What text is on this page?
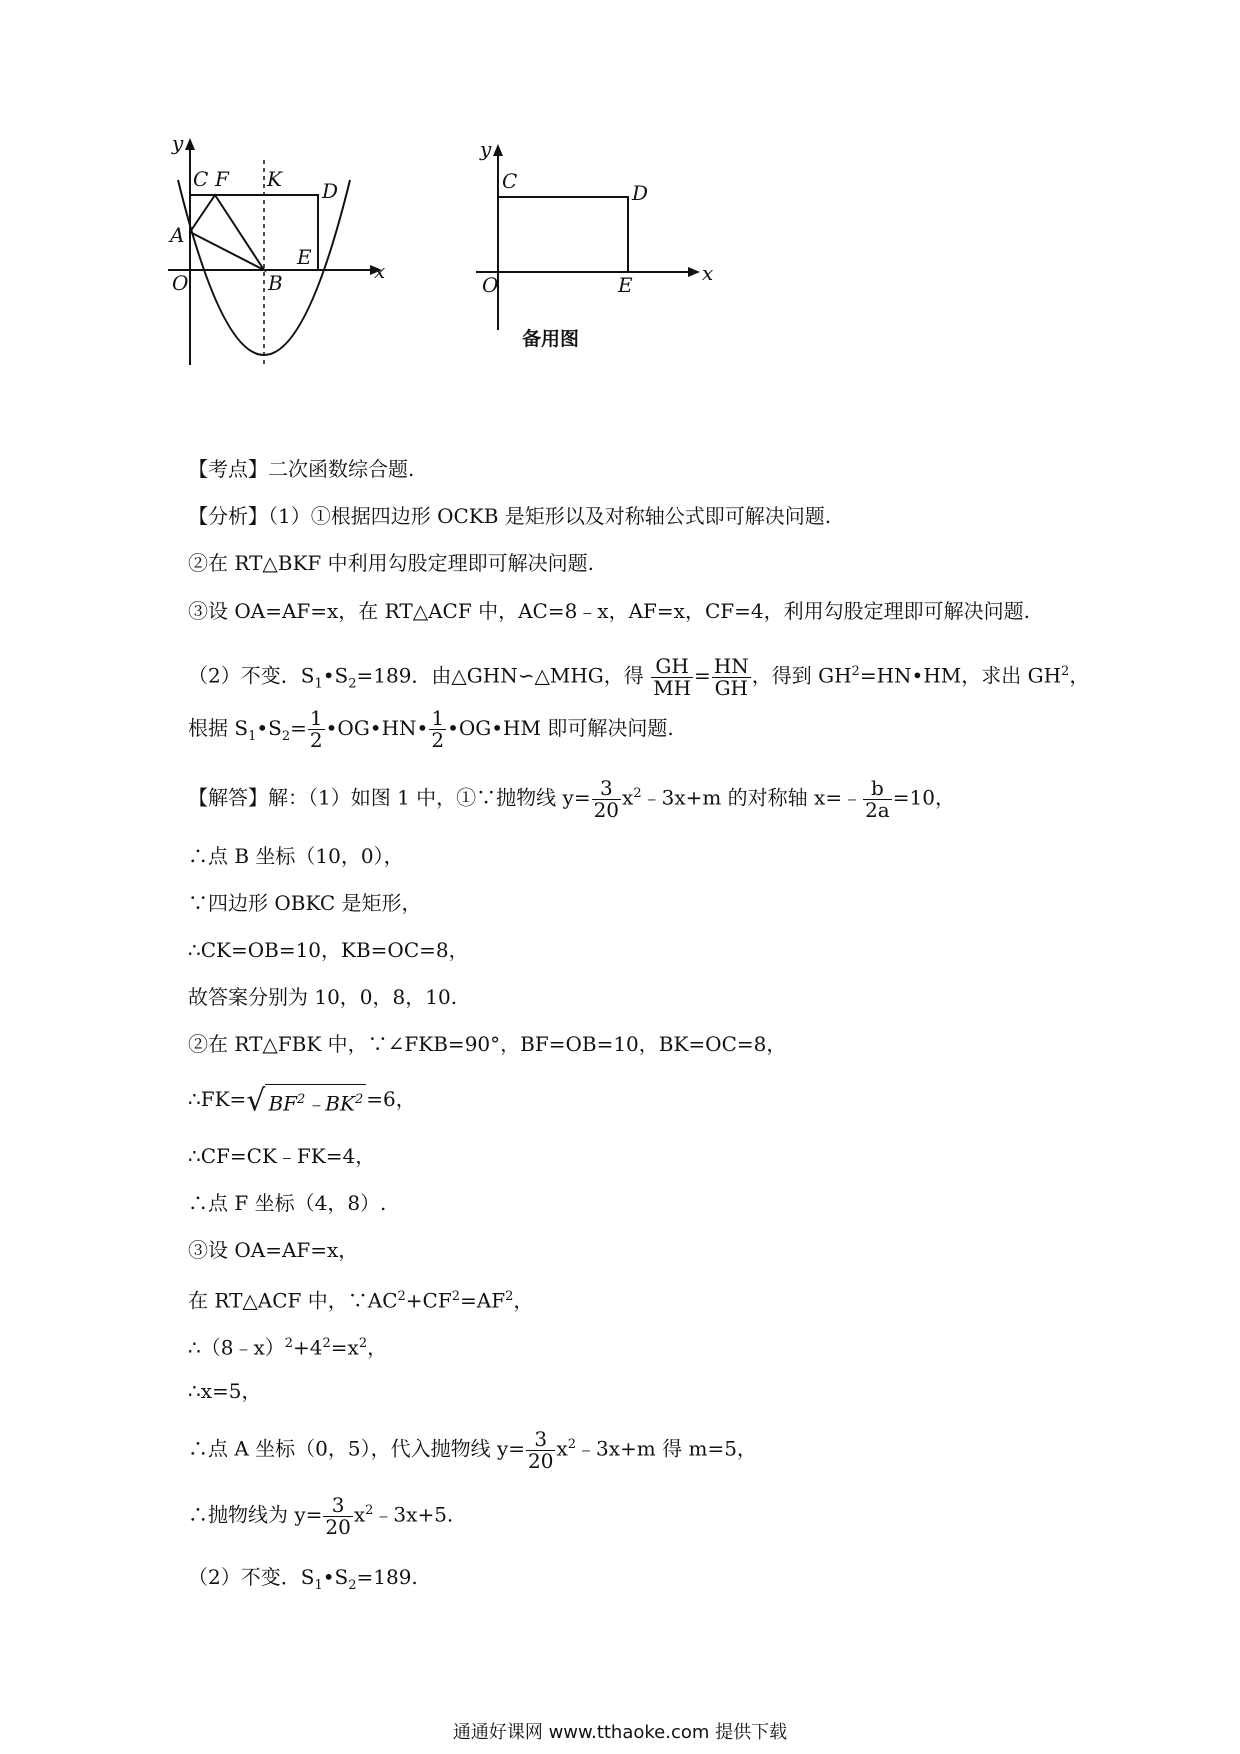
y
x
C F K D
A
E
O	B
y
x
C	D
O	E
备用图
【考点】二次函数综合题.
【分析】（1）①根据四边形 OCKB 是矩形以及对称轴公式即可解决问题.
②在 RT△BKF 中利用勾股定理即可解决问题.
③设 OA=AF=x，在 RT△ACF 中，AC=8﹣x，AF=x，CF=4，利用勾股定理即可解决问题.
（2）不变．$S_1•S_2=189$．由△GHN∽△MHG，得 $\frac{GH}{MH} = \frac{HN}{GH}$ ，得到 $GH^2=HN•HM$，求出 $GH^2$，
根据 $S_1•S_2= \frac{1}{2}$ •OG•HN• $\frac{1}{2}$ •OG•HM 即可解决问题.
【解答】解：（1）如图 1 中，①∵抛物线 $y= \frac{3}{20}$ $x^2﹣3x+m$ 的对称轴 x=﹣ $\frac{b}{2a} =10$，
∴点 B 坐标（10，0），
∵四边形 OBKC 是矩形，
∴CK=OB=10，KB=OC=8，
故答案分别为 10，0，8，10.
②在 RT△FBK 中，∵∠FKB=90°，BF=OB=10，BK=OC=8，
∴FK=√ $BF^2﹣BK^2 =6$，
∴CF=CK﹣FK=4，
∴点 F 坐标（4，8）.
③设 OA=AF=x，
在 RT△ACF 中，$\because AC^2+CF^2=AF^2$，
$\therefore(8﹣x)^2+4^2=x^2$，
∴x=5，
∴点 A 坐标（0，5），代入抛物线 $y= \frac{3}{20}$ $x^2﹣3x+m$ 得 m=5，
∴抛物线为 $y= \frac{3}{20}$ $x^2﹣3x+5$.
（2）不变．$S_1•S_2=189$.
通通好课网 www.tthaoke.com 提供下载
